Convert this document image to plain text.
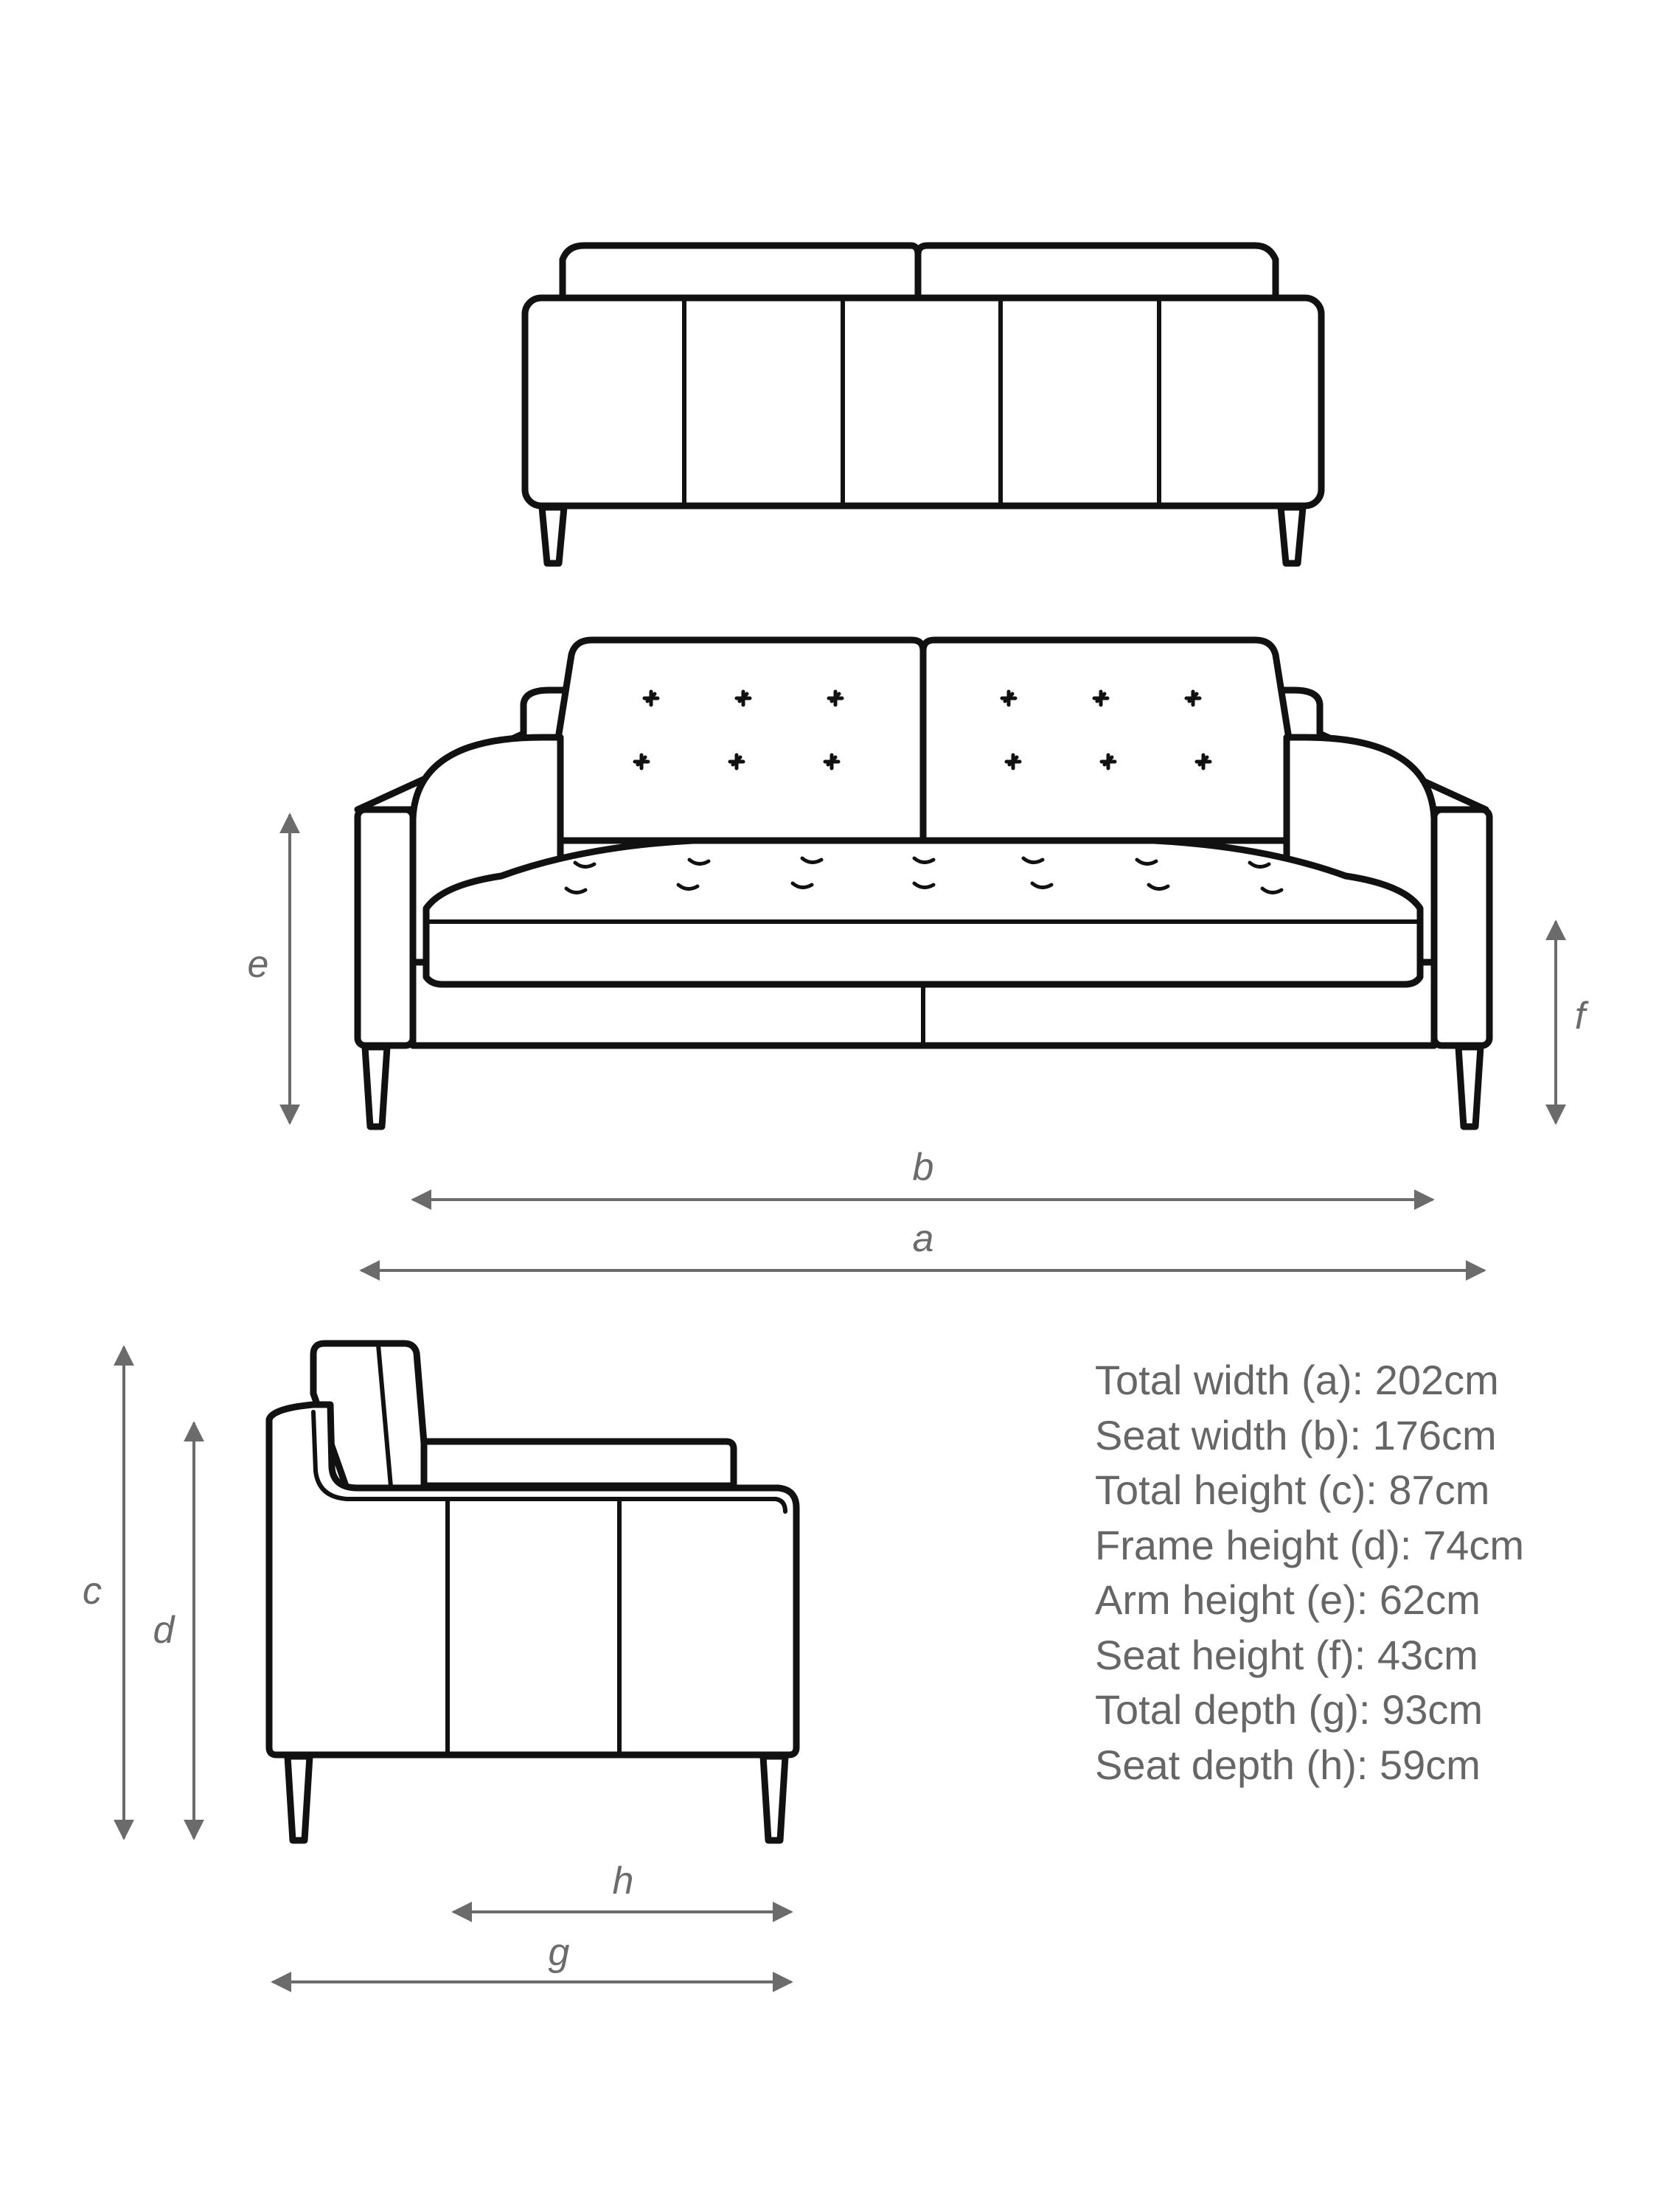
e
f
b
a
c
d
h
g
Total width (a): 202cm
Seat width (b): 176cm
Total height (c): 87cm
Frame height (d): 74cm
Arm height (e): 62cm
Seat height (f): 43cm
Total depth (g): 93cm
Seat depth (h): 59cm
